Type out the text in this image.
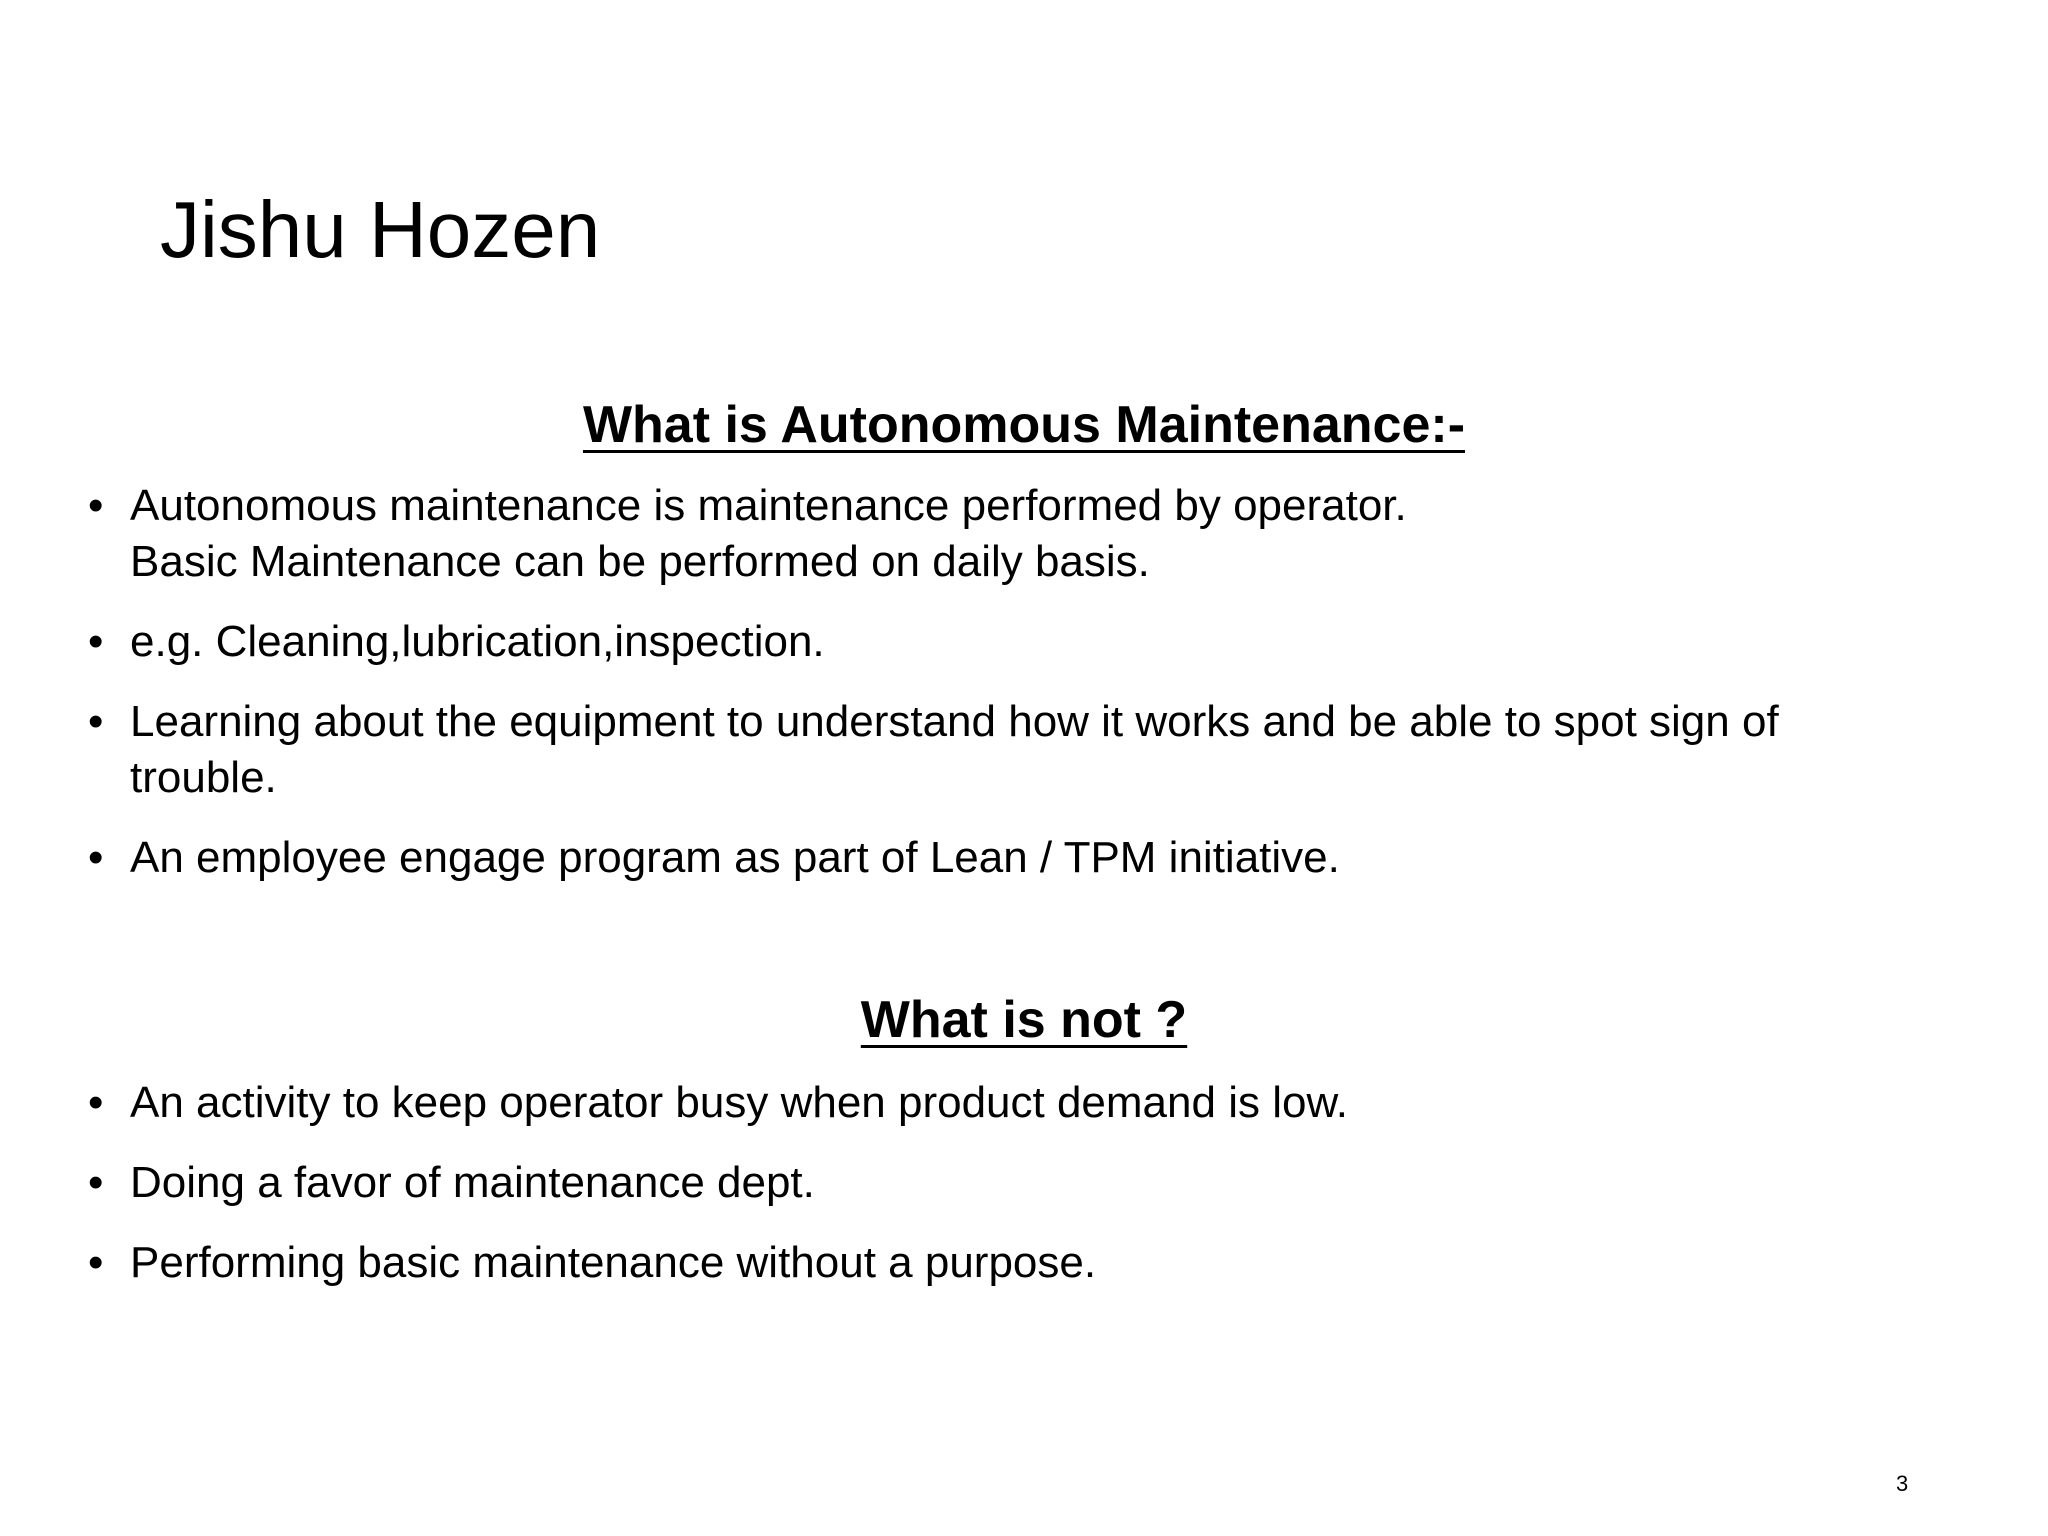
Jishu Hozen
What is Autonomous Maintenance:-
• Autonomous maintenance is maintenance performed by operator.
Basic Maintenance can be performed on daily basis.
• e.g. Cleaning,lubrication,inspection.
• Learning about the equipment to understand how it works and be able to spot sign of
trouble.
• An employee engage program as part of Lean / TPM initiative.
What is not ?
• An activity to keep operator busy when product demand is low.
• Doing a favor of maintenance dept.
• Performing basic maintenance without a purpose.
3
